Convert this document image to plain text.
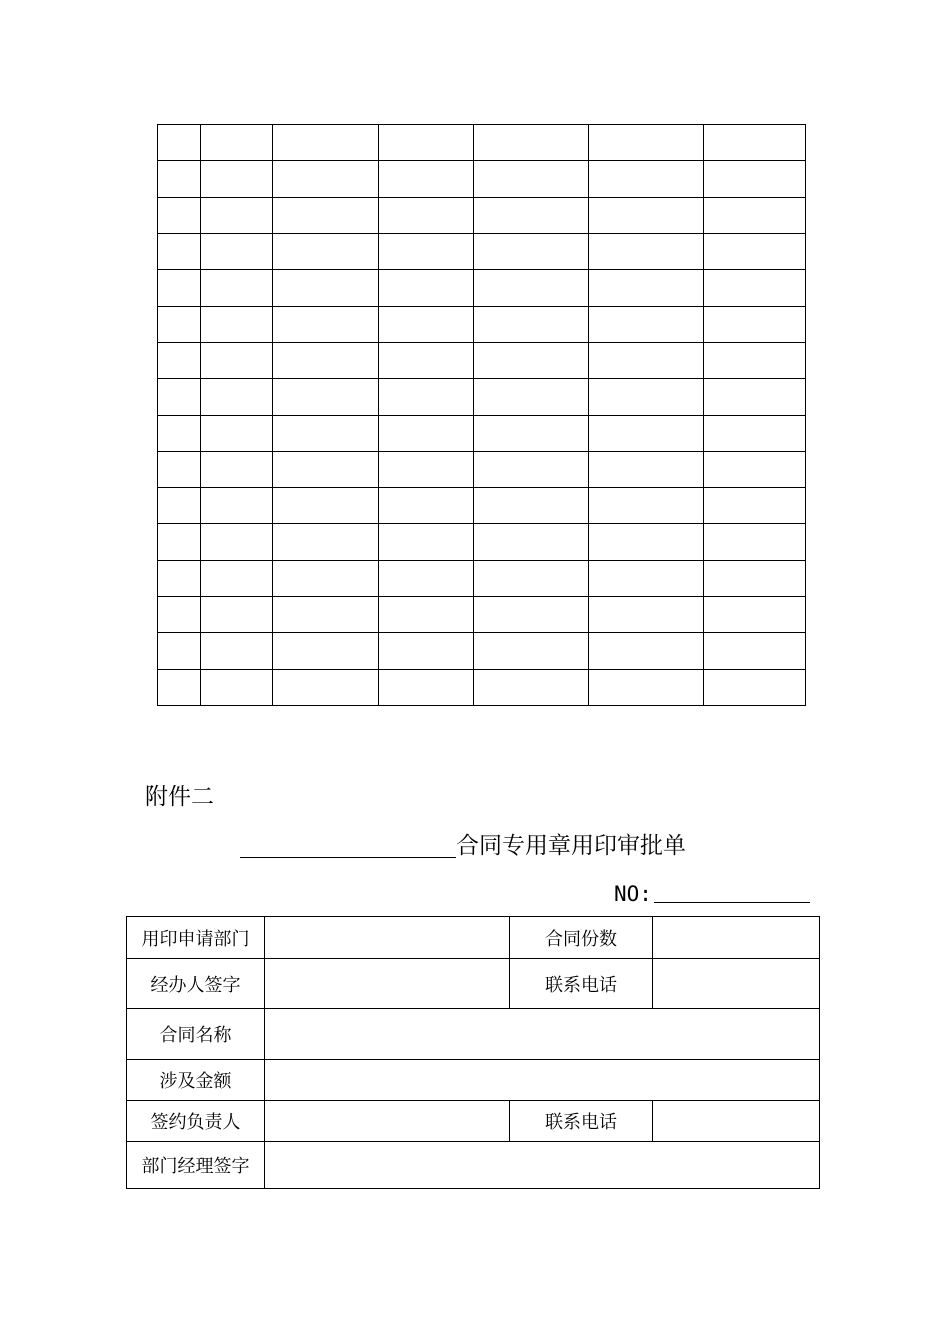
附件二
合同专用章用印审批单
NO:
用印申请部门		合同份数	
经办人签字		联系电话	
合同名称			
涉及金额			
签约负责人		联系电话	
部门经理签字			
